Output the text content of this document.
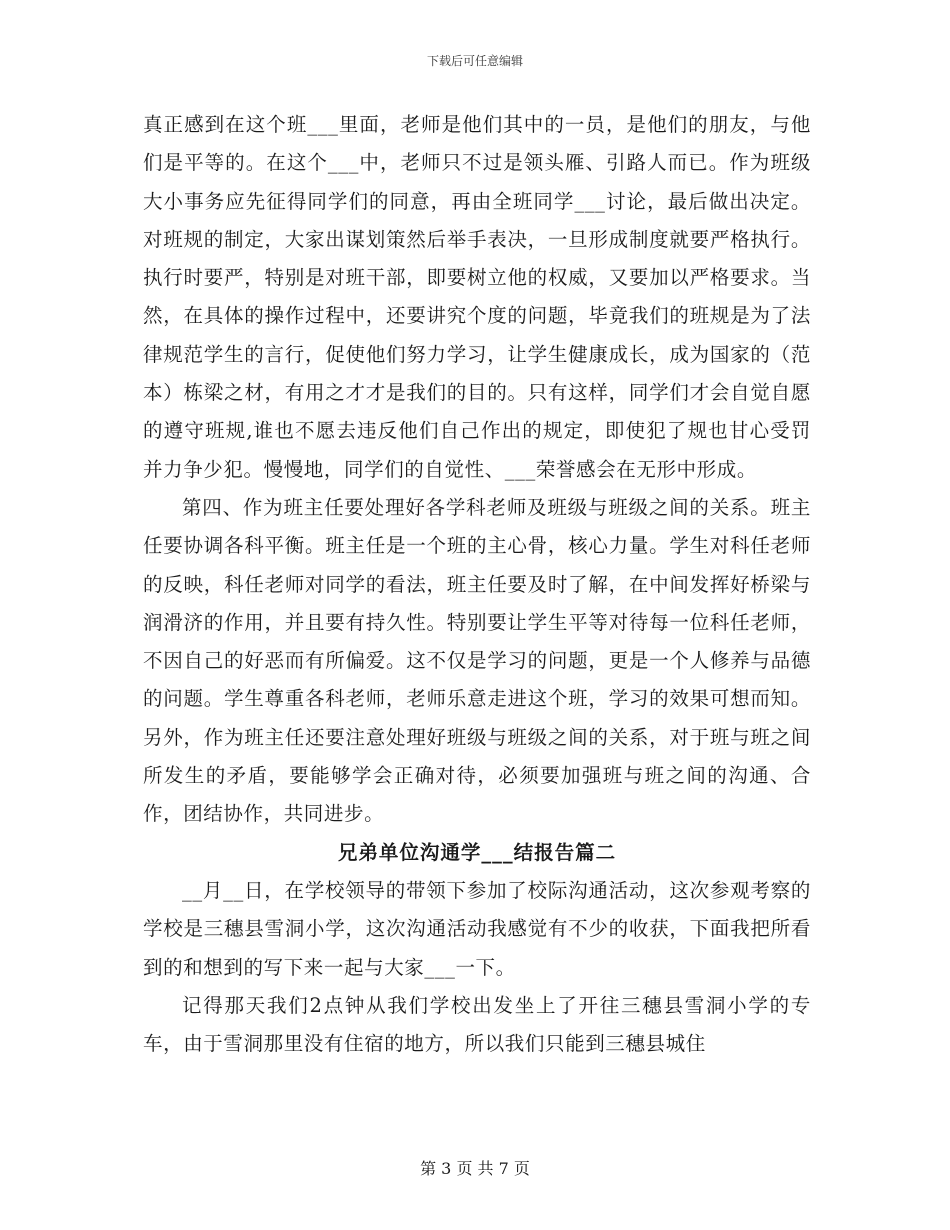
下载后可任意编辑

真正感到在这个班___里面，老师是他们其中的一员，是他们的朋友，与他们是平等的。在这个___中，老师只不过是领头雁、引路人而已。作为班级大小事务应先征得同学们的同意，再由全班同学___讨论，最后做出决定。对班规的制定，大家出谋划策然后举手表决，一旦形成制度就要严格执行。执行时要严，特别是对班干部，即要树立他的权威，又要加以严格要求。当然，在具体的操作过程中，还要讲究个度的问题，毕竟我们的班规是为了法律规范学生的言行，促使他们努力学习，让学生健康成长，成为国家的（范本）栋梁之材，有用之才才是我们的目的。只有这样，同学们才会自觉自愿的遵守班规,谁也不愿去违反他们自己作出的规定，即使犯了规也甘心受罚并力争少犯。慢慢地，同学们的自觉性、___荣誉感会在无形中形成。

第四、作为班主任要处理好各学科老师及班级与班级之间的关系。班主任要协调各科平衡。班主任是一个班的主心骨，核心力量。学生对科任老师的反映，科任老师对同学的看法，班主任要及时了解，在中间发挥好桥梁与润滑济的作用，并且要有持久性。特别要让学生平等对待每一位科任老师，不因自己的好恶而有所偏爱。这不仅是学习的问题，更是一个人修养与品德的问题。学生尊重各科老师，老师乐意走进这个班，学习的效果可想而知。另外，作为班主任还要注意处理好班级与班级之间的关系，对于班与班之间所发生的矛盾，要能够学会正确对待，必须要加强班与班之间的沟通、合作，团结协作，共同进步。

兄弟单位沟通学___结报告篇二

__月__日，在学校领导的带领下参加了校际沟通活动，这次参观考察的学校是三穗县雪洞小学，这次沟通活动我感觉有不少的收获，下面我把所看到的和想到的写下来一起与大家___一下。

记得那天我们2点钟从我们学校出发坐上了开往三穗县雪洞小学的专车，由于雪洞那里没有住宿的地方，所以我们只能到三穗县城住

第 3 页 共 7 页
